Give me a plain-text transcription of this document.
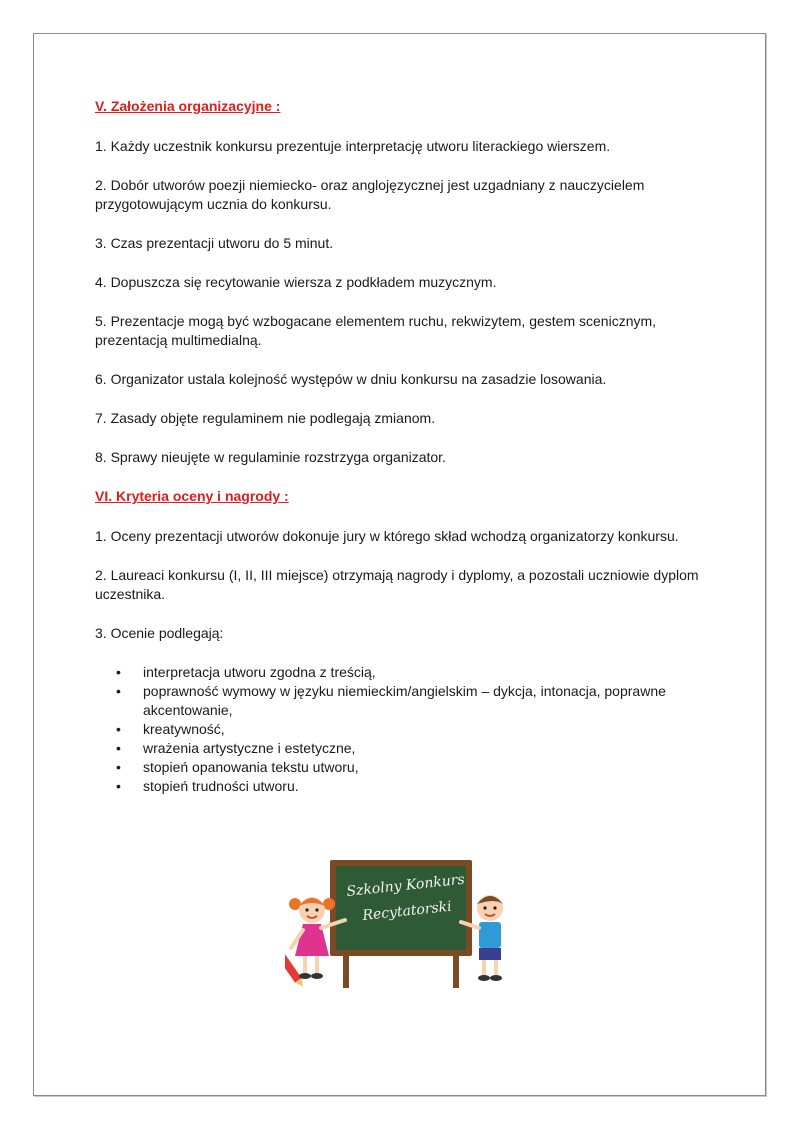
V. Założenia organizacyjne :

1. Każdy uczestnik konkursu prezentuje interpretację utworu literackiego wierszem.

2. Dobór utworów poezji niemiecko- oraz anglojęzycznej jest uzgadniany z nauczycielem przygotowującym ucznia do konkursu.

3. Czas prezentacji utworu do 5 minut.

4. Dopuszcza się recytowanie wiersza z podkładem muzycznym.

5. Prezentacje mogą być wzbogacane elementem ruchu, rekwizytem, gestem scenicznym, prezentacją multimedialną.

6. Organizator ustala kolejność występów w dniu konkursu na zasadzie losowania.

7. Zasady objęte regulaminem nie podlegają zmianom.

8. Sprawy nieujęte w regulaminie rozstrzyga organizator.

VI. Kryteria oceny i nagrody :

1. Oceny prezentacji utworów dokonuje jury w którego skład wchodzą organizatorzy konkursu.

2. Laureaci konkursu (I, II, III miejsce) otrzymają nagrody i dyplomy, a pozostali uczniowie dyplom uczestnika.

3. Ocenie podlegają:

• interpretacja utworu zgodna z treścią,
• poprawność wymowy w języku niemieckim/angielskim – dykcja, intonacja, poprawne akcentowanie,
• kreatywność,
• wrażenia artystyczne i estetyczne,
• stopień opanowania tekstu utworu,
• stopień trudności utworu.
Szkolny Konkurs
Recytatorski
